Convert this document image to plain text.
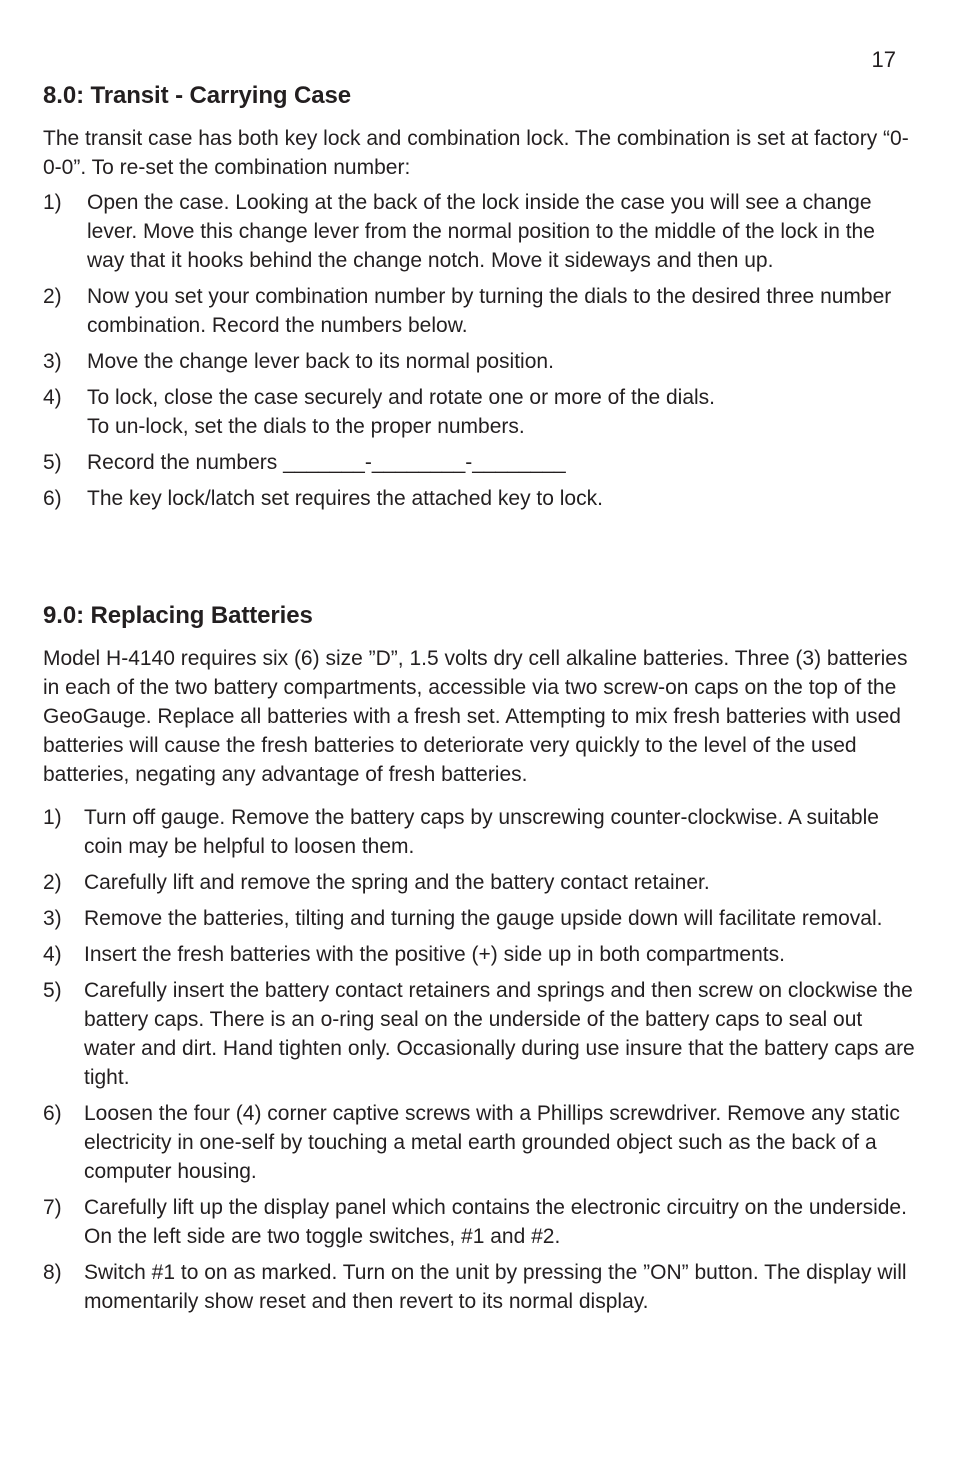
17
8.0: Transit - Carrying Case

The transit case has both key lock and combination lock. The combination is set at factory “0-0-0”. To re-set the combination number:

1)	Open the case. Looking at the back of the lock inside the case you will see a change lever. Move this change lever from the normal position to the middle of the lock in the way that it hooks behind the change notch. Move it sideways and then up.
2)	Now you set your combination number by turning the dials to the desired three number combination. Record the numbers below.
3)	Move the change lever back to its normal position.
4)	To lock, close the case securely and rotate one or more of the dials.
To un-lock, set the dials to the proper numbers.
5)	Record the numbers _______-________-________
6)	The key lock/latch set requires the attached key to lock.
9.0: Replacing Batteries

Model H-4140 requires six (6) size ”D”, 1.5 volts dry cell alkaline batteries. Three (3) batteries in each of the two battery compartments, accessible via two screw-on caps on the top of the GeoGauge. Replace all batteries with a fresh set. Attempting to mix fresh batteries with used batteries will cause the fresh batteries to deteriorate very quickly to the level of the used batteries, negating any advantage of fresh batteries.

1)	Turn off gauge. Remove the battery caps by unscrewing counter-clockwise. A suitable coin may be helpful to loosen them.
2)	Carefully lift and remove the spring and the battery contact retainer.
3)	Remove the batteries, tilting and turning the gauge upside down will facilitate removal.
4)	Insert the fresh batteries with the positive (+) side up in both compartments.
5)	Carefully insert the battery contact retainers and springs and then screw on clockwise the battery caps. There is an o-ring seal on the underside of the battery caps to seal out water and dirt. Hand tighten only. Occasionally during use insure that the battery caps are tight.
6)	Loosen the four (4) corner captive screws with a Phillips screwdriver. Remove any static electricity in one-self by touching a metal earth grounded object such as the back of a computer housing.
7)	Carefully lift up the display panel which contains the electronic circuitry on the underside. On the left side are two toggle switches, #1 and #2.
8)	Switch #1 to on as marked. Turn on the unit by pressing the ”ON” button. The display will momentarily show reset and then revert to its normal display.
